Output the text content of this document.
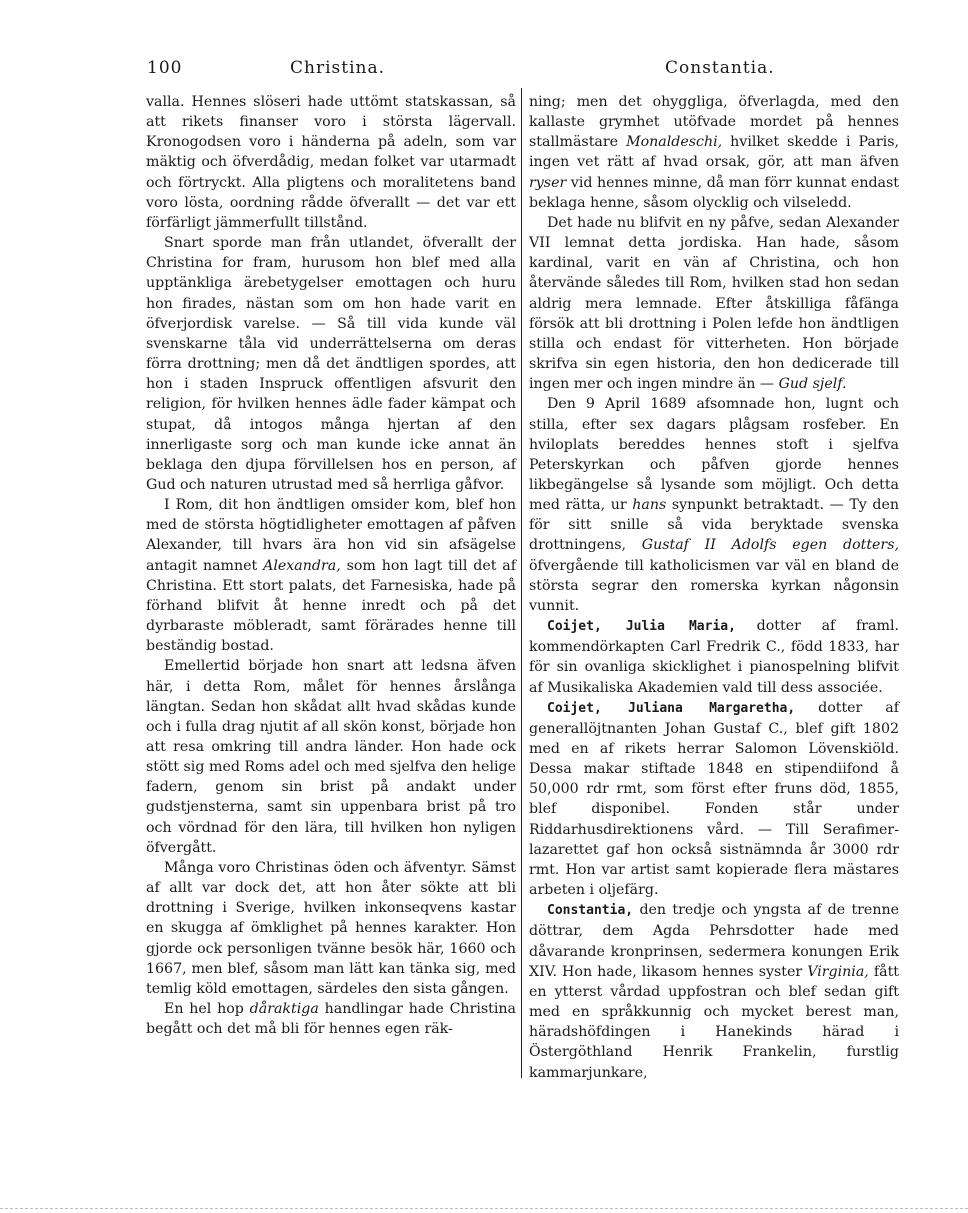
100	Christina.	Constantia.

valla. Hennes slöseri hade uttömt statskassan, så att rikets finanser voro i största lägervall. Kronogodsen voro i händerna på adeln, som var mäktig och öfverdådig, medan folket var utarmadt och förtryckt. Alla pligtens och moralitetens band voro lösta, oordning rådde öfverallt — det var ett förfärligt jämmerfullt tillstånd.

Snart sporde man från utlandet, öfverallt der Christina for fram, hurusom hon blef med alla upptänkliga ärebetygelser emottagen och huru hon firades, nästan som om hon hade varit en öfverjordisk varelse. — Så till vida kunde väl svenskarne tåla vid underrättelserna om deras förra drottning; men då det ändtligen spordes, att hon i staden Inspruck offentligen afsvurit den religion, för hvilken hennes ädle fader kämpat och stupat, då intogos många hjertan af den innerligaste sorg och man kunde icke annat än beklaga den djupa förvillelsen hos en person, af Gud och naturen utrustad med så herrliga gåfvor.

I Rom, dit hon ändtligen omsider kom, blef hon med de största högtidligheter emottagen af påfven Alexander, till hvars ära hon vid sin afsägelse antagit namnet Alexandra, som hon lagt till det af Christina. Ett stort palats, det Farnesiska, hade på förhand blifvit åt henne inredt och på det dyrbaraste möbleradt, samt förärades henne till beständig bostad.

Emellertid började hon snart att ledsna äfven här, i detta Rom, målet för hennes årslånga längtan. Sedan hon skådat allt hvad skådas kunde och i fulla drag njutit af all skön konst, började hon att resa omkring till andra länder. Hon hade ock stött sig med Roms adel och med sjelfva den helige fadern, genom sin brist på andakt under gudstjensterna, samt sin uppenbara brist på tro och vördnad för den lära, till hvilken hon nyligen öfvergått.

Många voro Christinas öden och äfventyr. Sämst af allt var dock det, att hon åter sökte att bli drottning i Sverige, hvilken inkonseqvens kastar en skugga af ömklighet på hennes karakter. Hon gjorde ock personligen tvänne besök här, 1660 och 1667, men blef, såsom man lätt kan tänka sig, med temlig köld emottagen, särdeles den sista gången.

En hel hop dåraktiga handlingar hade Christina begått och det må bli för hennes egen räk-

ning; men det ohyggliga, öfverlagda, med den kallaste grymhet utöfvade mordet på hennes stallmästare Monaldeschi, hvilket skedde i Paris, ingen vet rätt af hvad orsak, gör, att man äfven ryser vid hennes minne, då man förr kunnat endast beklaga henne, såsom olycklig och vilseledd.

Det hade nu blifvit en ny påfve, sedan Alexander VII lemnat detta jordiska. Han hade, såsom kardinal, varit en vän af Christina, och hon återvände således till Rom, hvilken stad hon sedan aldrig mera lemnade. Efter åtskilliga fåfänga försök att bli drottning i Polen lefde hon ändtligen stilla och endast för vitterheten. Hon började skrifva sin egen historia, den hon dedicerade till ingen mer och ingen mindre än — Gud sjelf.

Den 9 April 1689 afsomnade hon, lugnt och stilla, efter sex dagars plågsam rosfeber. En hviloplats bereddes hennes stoft i sjelfva Peterskyrkan och påfven gjorde hennes likbegängelse så lysande som möjligt. Och detta med rätta, ur hans synpunkt betraktadt. — Ty den för sitt snille så vida beryktade svenska drottningens, Gustaf II Adolfs egen dotters, öfvergående till katholicismen var väl en bland de största segrar den romerska kyrkan någonsin vunnit.

Coijet, Julia Maria, dotter af framl. kommendörkapten Carl Fredrik C., född 1833, har för sin ovanliga skicklighet i pianospelning blifvit af Musikaliska Akademien vald till dess associée.

Coijet, Juliana Margaretha, dotter af generallöjtnanten Johan Gustaf C., blef gift 1802 med en af rikets herrar Salomon Lövenskiöld. Dessa makar stiftade 1848 en stipendiifond å 50,000 rdr rmt, som först efter fruns död, 1855, blef disponibel. Fonden står under Riddarhusdirektionens vård. — Till Serafimer-lazarettet gaf hon också sistnämnda år 3000 rdr rmt. Hon var artist samt kopierade flera mästares arbeten i oljefärg.

Constantia, den tredje och yngsta af de trenne döttrar, dem Agda Pehrsdotter hade med dåvarande kronprinsen, sedermera konungen Erik XIV. Hon hade, likasom hennes syster Virginia, fått en ytterst vårdad uppfostran och blef sedan gift med en språkkunnig och mycket berest man, häradshöfdingen i Hanekinds härad i Östergöthland Henrik Frankelin, furstlig kammarjunkare,
